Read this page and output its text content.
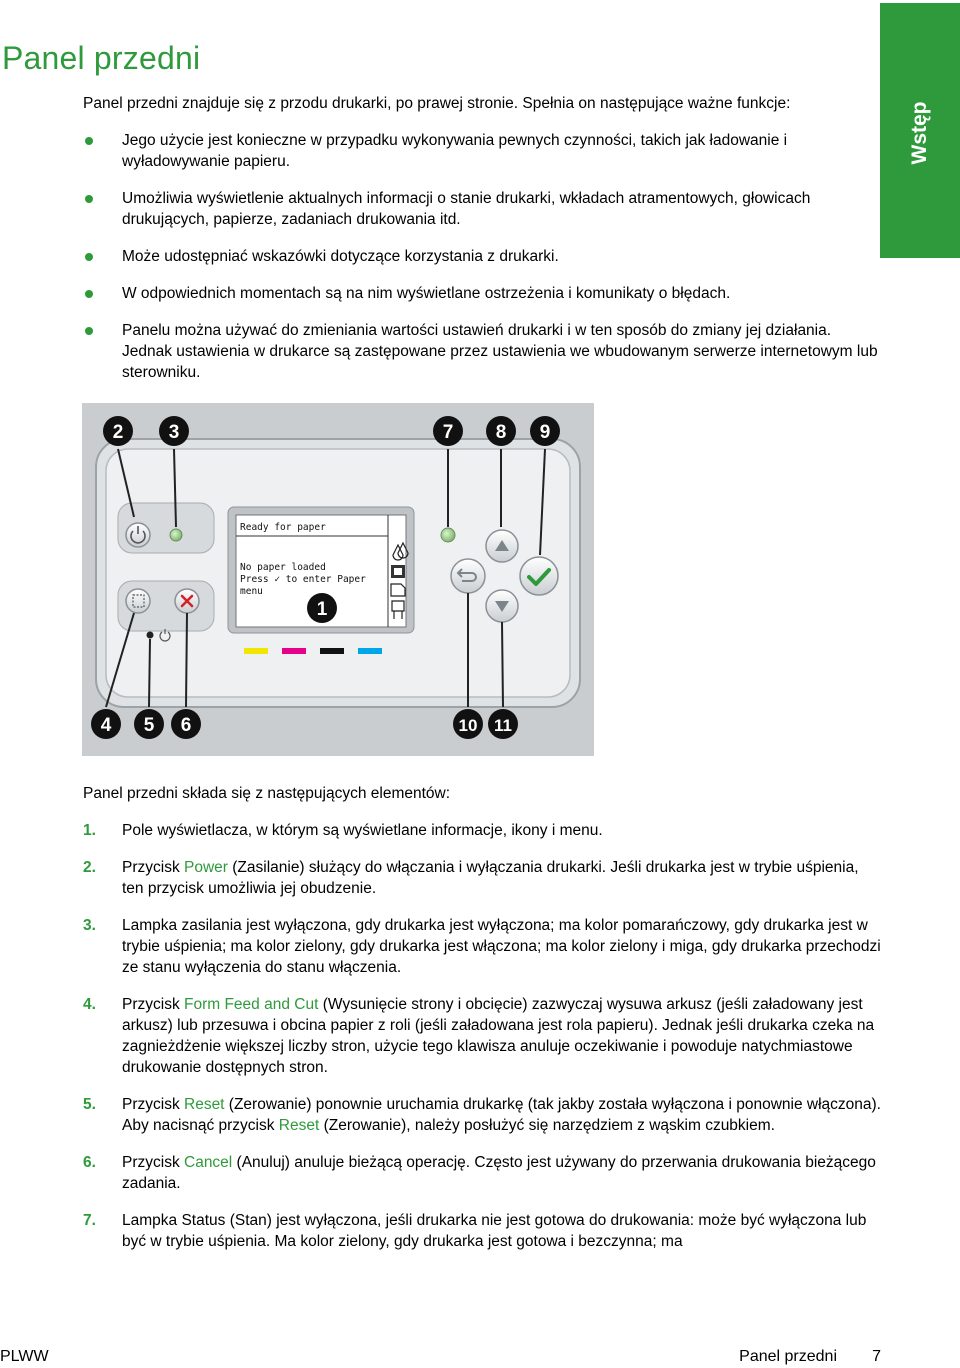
Panel przedni
Wstęp

Panel przedni znajduje się z przodu drukarki, po prawej stronie. Spełnia on następujące ważne funkcje:

Jego użycie jest konieczne w przypadku wykonywania pewnych czynności, takich jak ładowanie i wyładowywanie papieru.
Umożliwia wyświetlenie aktualnych informacji o stanie drukarki, wkładach atramentowych, głowicach drukujących, papierze, zadaniach drukowania itd.
Może udostępniać wskazówki dotyczące korzystania z drukarki.
W odpowiednich momentach są na nim wyświetlane ostrzeżenia i komunikaty o błędach.
Panelu można używać do zmieniania wartości ustawień drukarki i w ten sposób do zmiany jej działania. Jednak ustawienia w drukarce są zastępowane przez ustawienia we wbudowanym serwerze internetowym lub sterowniku.
Ready for paper
No paper loaded
Press ✓ to enter Paper
menu
2 3	7 8 9
1
4 5 6	10 11

Panel przedni składa się z następujących elementów:

1. Pole wyświetlacza, w którym są wyświetlane informacje, ikony i menu.
2. Przycisk Power (Zasilanie) służący do włączania i wyłączania drukarki. Jeśli drukarka jest w trybie uśpienia, ten przycisk umożliwia jej obudzenie.
3. Lampka zasilania jest wyłączona, gdy drukarka jest wyłączona; ma kolor pomarańczowy, gdy drukarka jest w trybie uśpienia; ma kolor zielony, gdy drukarka jest włączona; ma kolor zielony i miga, gdy drukarka przechodzi ze stanu wyłączenia do stanu włączenia.
4. Przycisk Form Feed and Cut (Wysunięcie strony i obcięcie) zazwyczaj wysuwa arkusz (jeśli załadowany jest arkusz) lub przesuwa i obcina papier z roli (jeśli załadowana jest rola papieru). Jednak jeśli drukarka czeka na zagnieżdżenie większej liczby stron, użycie tego klawisza anuluje oczekiwanie i powoduje natychmiastowe drukowanie dostępnych stron.
5. Przycisk Reset (Zerowanie) ponownie uruchamia drukarkę (tak jakby została wyłączona i ponownie włączona). Aby nacisnąć przycisk Reset (Zerowanie), należy posłużyć się narzędziem z wąskim czubkiem.
6. Przycisk Cancel (Anuluj) anuluje bieżącą operację. Często jest używany do przerwania drukowania bieżącego zadania.
7. Lampka Status (Stan) jest wyłączona, jeśli drukarka nie jest gotowa do drukowania: może być wyłączona lub być w trybie uśpienia. Ma kolor zielony, gdy drukarka jest gotowa i bezczynna; ma
PLWW	Panel przedni 7
